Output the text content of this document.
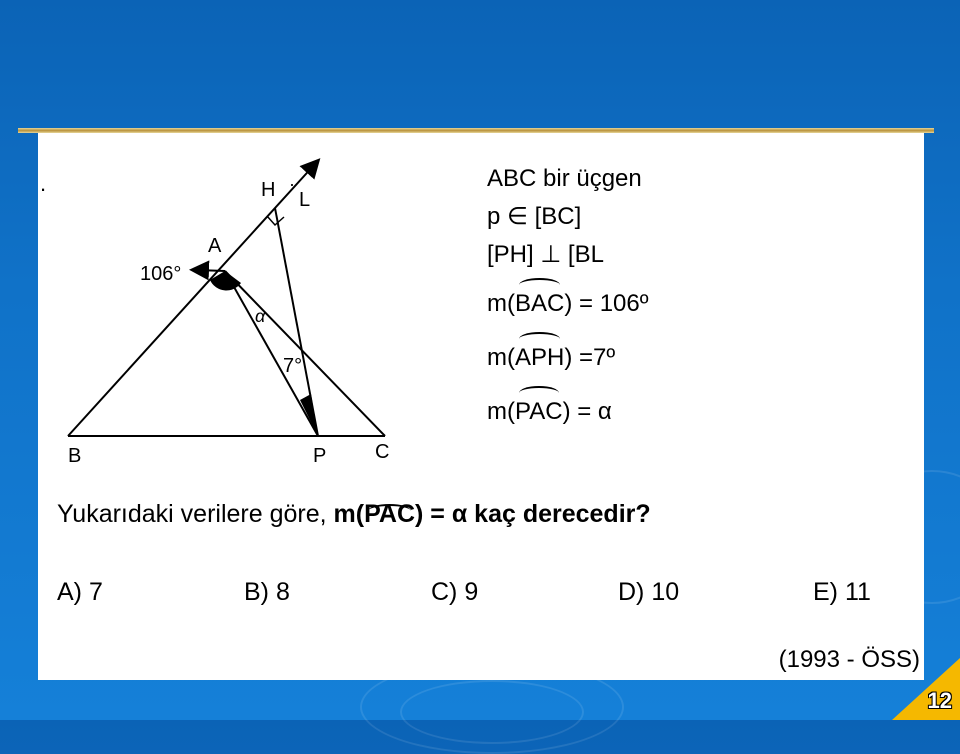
.	H ·
L
A
106°
α
7°
B	P C
ABC bir üçgen
p ∈ [BC]
[PH] ⊥ [BL
m(BAC) = 106º
m(APH) =7º
m(PAC) = α
Yukarıdaki verilere göre, m(PAC) = α kaç derecedir?
A) 7	B) 8	C) 9	D) 10	E) 11
(1993 - ÖSS)
12
